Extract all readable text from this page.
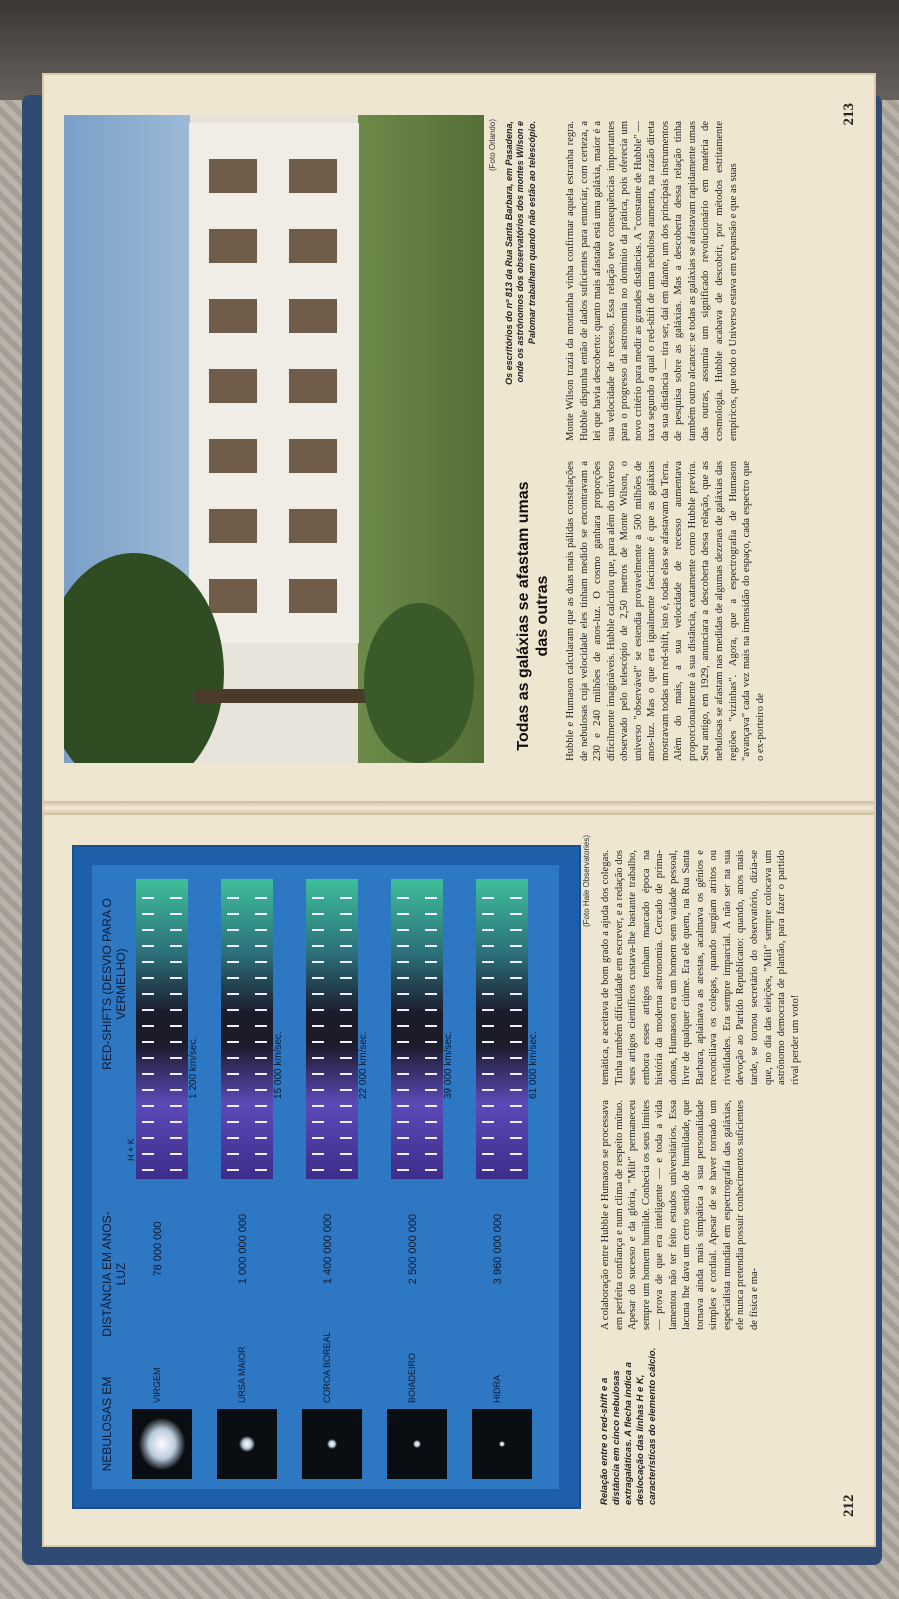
NEBULOSAS EM
DISTÂNCIA EM ANOS-LUZ
RED-SHIFTS (DESVIO PARA O VERMELHO)
VIRGEM
78 000 000
H + K
1 200 km/sec.
URSA MAIOR
1 000 000 000
15 000 km/sec.
COROA BOREAL
1 400 000 000
22 000 km/sec.
BOIADEIRO
2 500 000 000
39 000 km/sec.
HIDRA
3 960 000 000
61 000 km/sec.
(Foto Hale Observatories)
Relação entre o red-shift e a distância em cinco nebulosas extragaláticas. A flecha indica a deslocação das linhas H e K, características do elemento cálcio.
A colaboração entre Hubble e Humason se processava em perfeita confiança e num clima de respeito mútuo. Apesar do sucesso e da glória, "Milt" permaneceu sempre um homem humilde. Conhecia os seus limites — prova de que era inteligente — e toda a vida lamentou não ter feito estudos universitários. Essa lacuna lhe dava um certo sentido de humildade, que tornava ainda mais simpática a sua personalidade simples e cordial. Apesar de se haver tornado um especialista mundial em espectrografia das galáxias, ele nunca pretendia possuir conhecimentos suficientes de física e ma-
temática, e aceitava de bom grado a ajuda dos colegas. Tinha também dificuldade em escrever, e a redação dos seus artigos científicos custava-lhe bastante trabalho, embora esses artigos tenham marcado época na história da moderna astronomia. Cercado de prima-donas, Humason era um homem sem vaidade pessoal, livre de qualquer ciúme. Era ele quem, na Rua Santa Barbara, aplainava as arestas, acalmava os gênios e reconciliava os colegas, quando surgiam atritos ou rivalidades. Era sempre imparcial. A não ser na sua devoção ao Partido Republicano: quando, anos mais tarde, se tornou secretário do observatório, dizia-se que, no dia das eleições, "Milt" sempre colocava um astrônomo democrata de plantão, para fazer o partido rival perder um voto!
212
(Foto Orlando)
Todas as galáxias se afastam umas das outras
Os escritórios do nº 813 da Rua Santa Barbara, em Pasadena, onde os astrônomos dos observatórios dos montes Wilson e Palomar trabalham quando não estão ao telescópio.
Hubble e Humason calcularam que as duas mais pálidas constelações de nebulosas cuja velocidade eles tinham medido se encontravam a 230 e 240 milhões de anos-luz. O cosmo ganhara proporções dificilmente imagináveis. Hubble calculou que, para além do universo observado pelo telescópio de 2,50 metros de Monte Wilson, o universo "observável" se estendia provavelmente a 500 milhões de anos-luz. Mas o que era igualmente fascinante é que as galáxias mostravam todas um red-shift, isto é, todas elas se afastavam da Terra. Além do mais, a sua velocidade de recesso aumentava proporcionalmente à sua distância, exatamente como Hubble previra. Seu antigo, em 1929, anunciara a descoberta dessa relação, que as nebulosas se afastam nas medidas de algumas dezenas de galáxias das regiões "vizinhas". Agora, que a espectrografia de Humason "avançava" cada vez mais na imensidão do espaço, cada espectro que o ex-porteiro de
Monte Wilson trazia da montanha vinha confirmar aquela estranha regra. Hubble dispunha então de dados suficientes para enunciar, com certeza, a lei que havia descoberto: quanto mais afastada está uma galáxia, maior é a sua velocidade de recesso. Essa relação teve consequências importantes para o progresso da astronomia no domínio da prática, pois oferecia um novo critério para medir as grandes distâncias. A "constante de Hubble" — taxa segundo a qual o red-shift de uma nebulosa aumenta, na razão direta da sua distância — tira ser, daí em diante, um dos principais instrumentos de pesquisa sobre as galáxias. Mas a descoberta dessa relação tinha também outro alcance: se todas as galáxias se afastavam rapidamente umas das outras, assumia um significado revolucionário em matéria de cosmologia. Hubble acabava de descobrir, por métodos estritamente empíricos, que todo o Universo estava em expansão e que as suas
213
